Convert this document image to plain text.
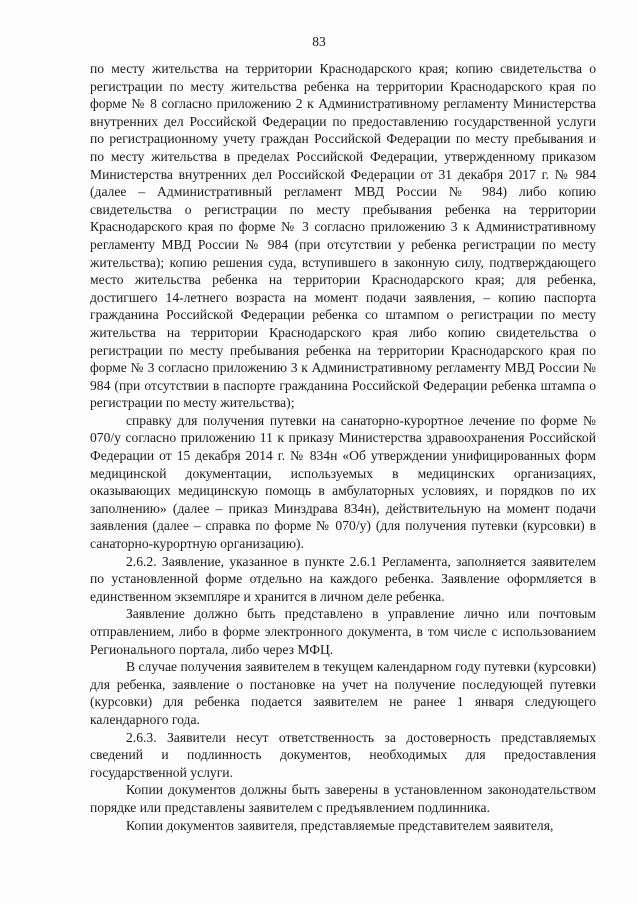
83

по месту жительства на территории Краснодарского края; копию свидетельства о регистрации по месту жительства ребенка на территории Краснодарского края по форме № 8 согласно приложению 2 к Административному регламенту Министерства внутренних дел Российской Федерации по предоставлению государственной услуги по регистрационному учету граждан Российской Федерации по месту пребывания и по месту жительства в пределах Российской Федерации, утвержденному приказом Министерства внутренних дел Российской Федерации от 31 декабря 2017 г. № 984 (далее – Административный регламент МВД России № 984) либо копию свидетельства о регистрации по месту пребывания ребенка на территории Краснодарского края по форме № 3 согласно приложению 3 к Административному регламенту МВД России № 984 (при отсутствии у ребенка регистрации по месту жительства); копию решения суда, вступившего в законную силу, подтверждающего место жительства ребенка на территории Краснодарского края; для ребенка, достигшего 14-летнего возраста на момент подачи заявления, – копию паспорта гражданина Российской Федерации ребенка со штампом о регистрации по месту жительства на территории Краснодарского края либо копию свидетельства о регистрации по месту пребывания ребенка на территории Краснодарского края по форме № 3 согласно приложению 3 к Административному регламенту МВД России № 984 (при отсутствии в паспорте гражданина Российской Федерации ребенка штампа о регистрации по месту жительства);

справку для получения путевки на санаторно-курортное лечение по форме № 070/у согласно приложению 11 к приказу Министерства здравоохранения Российской Федерации от 15 декабря 2014 г. № 834н «Об утверждении унифицированных форм медицинской документации, используемых в медицинских организациях, оказывающих медицинскую помощь в амбулаторных условиях, и порядков по их заполнению» (далее – приказ Минздрава 834н), действительную на момент подачи заявления (далее – справка по форме № 070/у) (для получения путевки (курсовки) в санаторно-курортную организацию).

2.6.2. Заявление, указанное в пункте 2.6.1 Регламента, заполняется заявителем по установленной форме отдельно на каждого ребенка. Заявление оформляется в единственном экземпляре и хранится в личном деле ребенка.

Заявление должно быть представлено в управление лично или почтовым отправлением, либо в форме электронного документа, в том числе с использованием Регионального портала, либо через МФЦ.

В случае получения заявителем в текущем календарном году путевки (курсовки) для ребенка, заявление о постановке на учет на получение последующей путевки (курсовки) для ребенка подается заявителем не ранее 1 января следующего календарного года.

2.6.3. Заявители несут ответственность за достоверность представляемых сведений и подлинность документов, необходимых для предоставления государственной услуги.

Копии документов должны быть заверены в установленном законодательством порядке или представлены заявителем с предъявлением подлинника.

Копии документов заявителя, представляемые представителем заявителя,
